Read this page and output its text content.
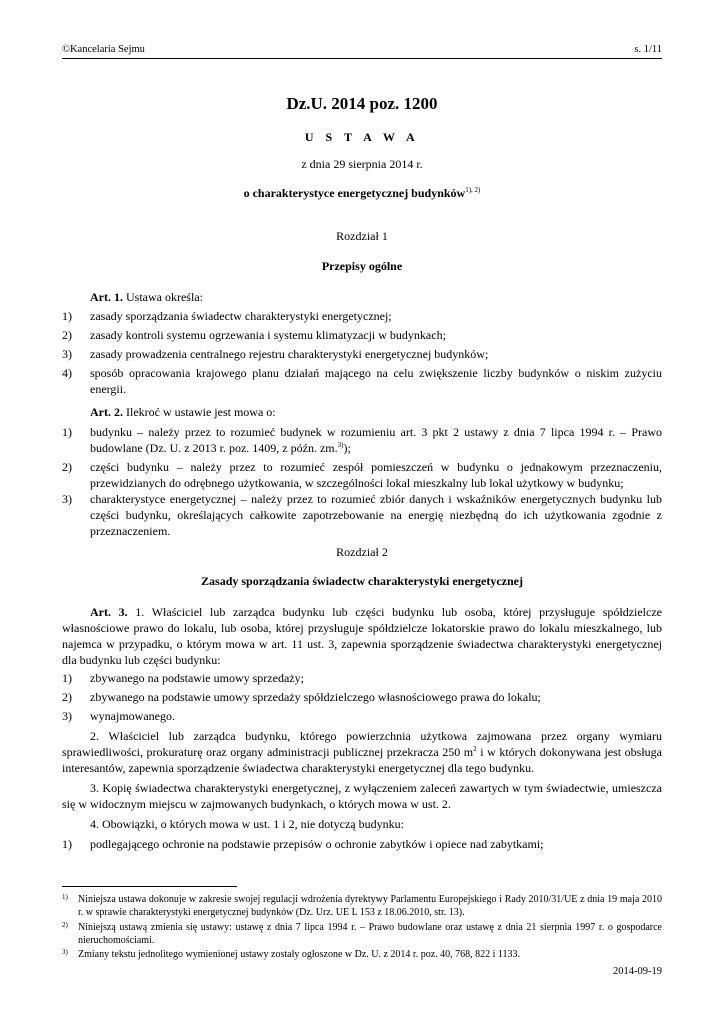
©Kancelaria Sejmu	s. 1/11
Dz.U. 2014 poz. 1200
U S T A W A
z dnia 29 sierpnia 2014 r.
o charakterystyce energetycznej budynków$^{1), 2)}$
Rozdział 1
Przepisy ogólne
Art. 1. Ustawa określa:
1) zasady sporządzania świadectw charakterystyki energetycznej;
2) zasady kontroli systemu ogrzewania i systemu klimatyzacji w budynkach;
3) zasady prowadzenia centralnego rejestru charakterystyki energetycznej budynków;
4) sposób opracowania krajowego planu działań mającego na celu zwiększenie liczby budynków o niskim zużyciu energii.
Art. 2. Ilekroć w ustawie jest mowa o:
1) budynku – należy przez to rozumieć budynek w rozumieniu art. 3 pkt 2 ustawy z dnia 7 lipca 1994 r. – Prawo budowlane (Dz. U. z 2013 r. poz. 1409, z późn. zm.$^{3)}$);
2) części budynku – należy przez to rozumieć zespół pomieszczeń w budynku o jednakowym przeznaczeniu, przewidzianych do odrębnego użytkowania, w szczególności lokal mieszkalny lub lokal użytkowy w budynku;
3) charakterystyce energetycznej – należy przez to rozumieć zbiór danych i wskaźników energetycznych budynku lub części budynku, określających całkowite zapotrzebowanie na energię niezbędną do ich użytkowania zgodnie z przeznaczeniem.
Rozdział 2
Zasady sporządzania świadectw charakterystyki energetycznej
Art. 3. 1. Właściciel lub zarządca budynku lub części budynku lub osoba, której przysługuje spółdzielcze własnościowe prawo do lokalu, lub osoba, której przysługuje spółdzielcze lokatorskie prawo do lokalu mieszkalnego, lub najemca w przypadku, o którym mowa w art. 11 ust. 3, zapewnia sporządzenie świadectwa charakterystyki energetycznej dla budynku lub części budynku:
1) zbywanego na podstawie umowy sprzedaży;
2) zbywanego na podstawie umowy sprzedaży spółdzielczego własnościowego prawa do lokalu;
3) wynajmowanego.
2. Właściciel lub zarządca budynku, którego powierzchnia użytkowa zajmowana przez organy wymiaru sprawiedliwości, prokuraturę oraz organy administracji publicznej przekracza 250 $m^2$ i w których dokonywana jest obsługa interesantów, zapewnia sporządzenie świadectwa charakterystyki energetycznej dla tego budynku.
3. Kopię świadectwa charakterystyki energetycznej, z wyłączeniem zaleceń zawartych w tym świadectwie, umieszcza się w widocznym miejscu w zajmowanych budynkach, o których mowa w ust. 2.
4. Obowiązki, o których mowa w ust. 1 i 2, nie dotyczą budynku:
1) podlegającego ochronie na podstawie przepisów o ochronie zabytków i opiece nad zabytkami;
1) Niniejsza ustawa dokonuje w zakresie swojej regulacji wdrożenia dyrektywy Parlamentu Europejskiego i Rady 2010/31/UE z dnia 19 maja 2010 r. w sprawie charakterystyki energetycznej budynków (Dz. Urz. UE L 153 z 18.06.2010, str. 13).
2) Niniejszą ustawą zmienia się ustawy: ustawę z dnia 7 lipca 1994 r. – Prawo budowlane oraz ustawę z dnia 21 sierpnia 1997 r. o gospodarce nieruchomościami.
3) Zmiany tekstu jednolitego wymienionej ustawy zostały ogłoszone w Dz. U. z 2014 r. poz. 40, 768, 822 i 1133.
2014-09-19
